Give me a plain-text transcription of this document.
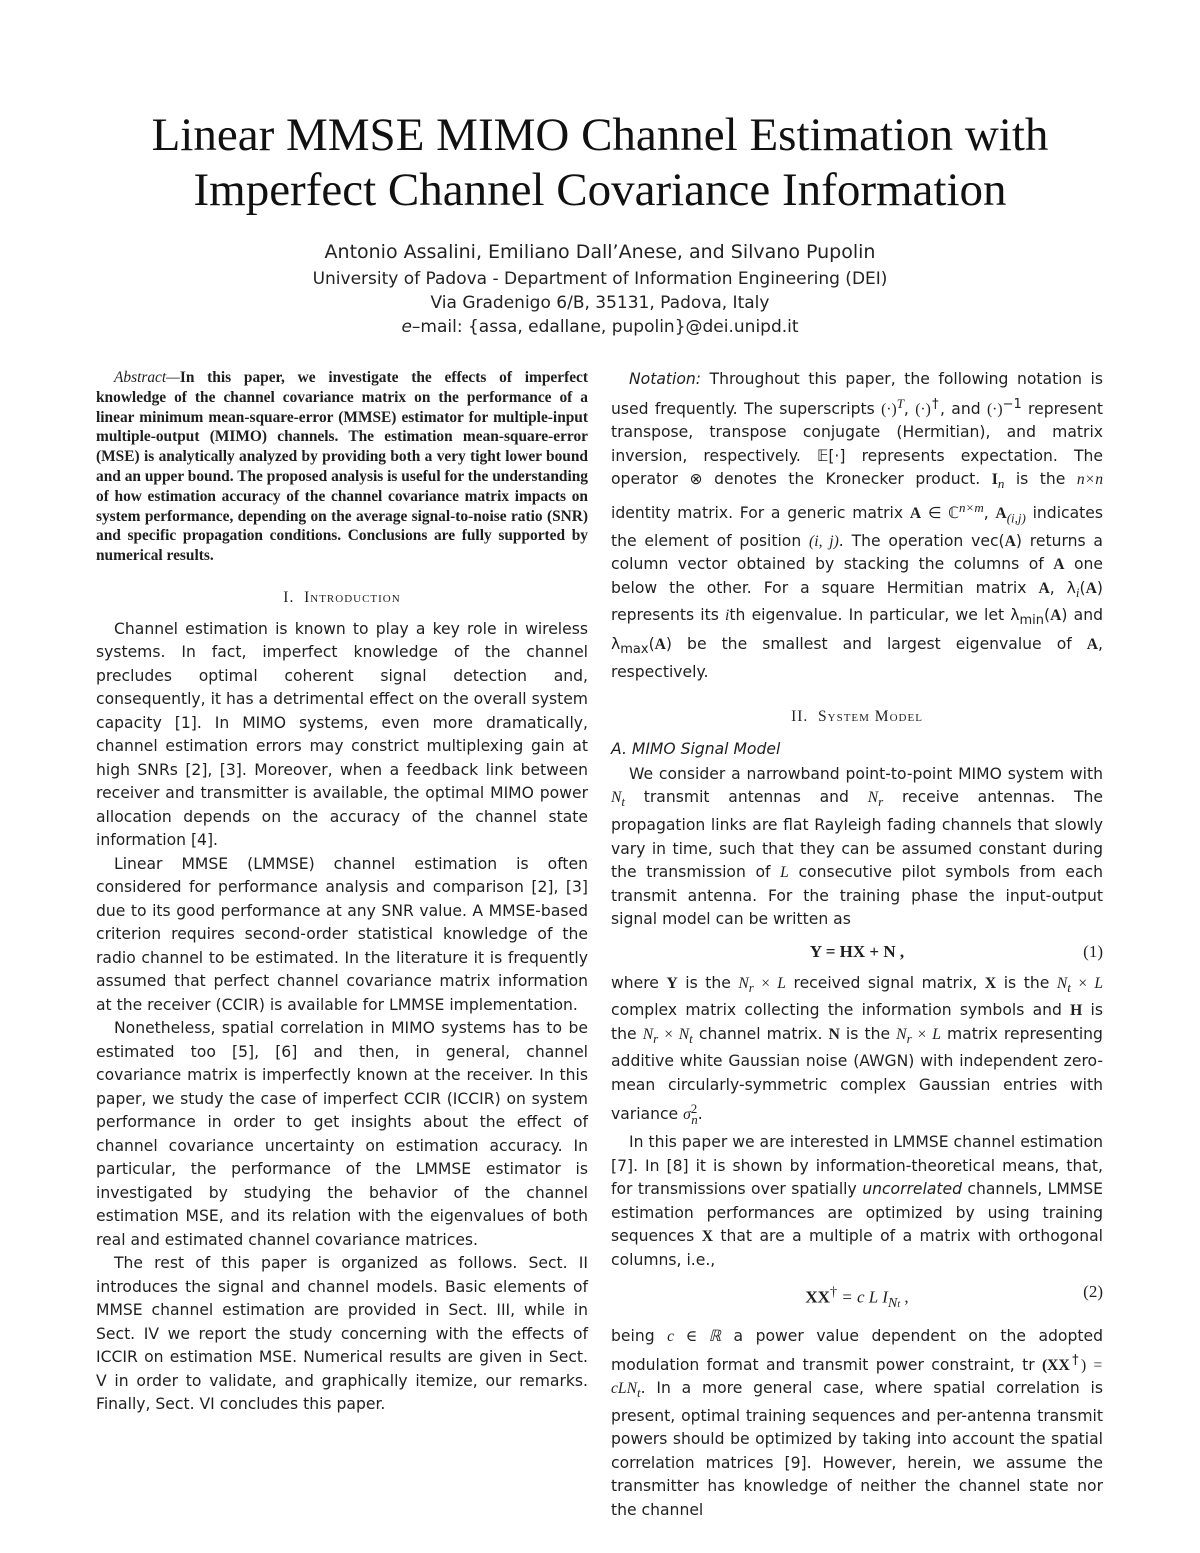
Linear MMSE MIMO Channel Estimation with
Imperfect Channel Covariance Information
Antonio Assalini, Emiliano Dall’Anese, and Silvano Pupolin
University of Padova - Department of Information Engineering (DEI)
Via Gradenigo 6/B, 35131, Padova, Italy
e–mail: {assa, edallane, pupolin}@dei.unipd.it

Abstract—In this paper, we investigate the effects of imperfect knowledge of the channel covariance matrix on the performance of a linear minimum mean-square-error (MMSE) estimator for multiple-input multiple-output (MIMO) channels. The estimation mean-square-error (MSE) is analytically analyzed by providing both a very tight lower bound and an upper bound. The proposed analysis is useful for the understanding of how estimation accuracy of the channel covariance matrix impacts on system performance, depending on the average signal-to-noise ratio (SNR) and specific propagation conditions. Conclusions are fully supported by numerical results.

I. Introduction

Channel estimation is known to play a key role in wireless systems. In fact, imperfect knowledge of the channel precludes optimal coherent signal detection and, consequently, it has a detrimental effect on the overall system capacity [1]. In MIMO systems, even more dramatically, channel estimation errors may constrict multiplexing gain at high SNRs [2], [3]. Moreover, when a feedback link between receiver and transmitter is available, the optimal MIMO power allocation depends on the accuracy of the channel state information [4].

Linear MMSE (LMMSE) channel estimation is often considered for performance analysis and comparison [2], [3] due to its good performance at any SNR value. A MMSE-based criterion requires second-order statistical knowledge of the radio channel to be estimated. In the literature it is frequently assumed that perfect channel covariance matrix information at the receiver (CCIR) is available for LMMSE implementation.

Nonetheless, spatial correlation in MIMO systems has to be estimated too [5], [6] and then, in general, channel covariance matrix is imperfectly known at the receiver. In this paper, we study the case of imperfect CCIR (ICCIR) on system performance in order to get insights about the effect of channel covariance uncertainty on estimation accuracy. In particular, the performance of the LMMSE estimator is investigated by studying the behavior of the channel estimation MSE, and its relation with the eigenvalues of both real and estimated channel covariance matrices.

The rest of this paper is organized as follows. Sect. II introduces the signal and channel models. Basic elements of MMSE channel estimation are provided in Sect. III, while in Sect. IV we report the study concerning with the effects of ICCIR on estimation MSE. Numerical results are given in Sect. V in order to validate, and graphically itemize, our remarks. Finally, Sect. VI concludes this paper.

Notation: Throughout this paper, the following notation is used frequently. The superscripts $(\cdot)^T$, (·)†, and $(\cdot)^{-1}$ represent transpose, transpose conjugate (Hermitian), and matrix inversion, respectively. 𝔼[·] represents expectation. The operator ⊗ denotes the Kronecker product. $I_n$ is the n×n identity matrix. For a generic matrix A ∈ ℂ$^{n\times m}$, $A_{(i,j)}$ indicates the element of position (i, j). The operation vec(A) returns a column vector obtained by stacking the columns of A one below the other. For a square Hermitian matrix A, $\lambda_i(A)$ represents its ith eigenvalue. In particular, we let $\lambda_{min}(A)$ and $\lambda_{max}(A)$ be the smallest and largest eigenvalue of A, respectively.

II. System Model
A. MIMO Signal Model

We consider a narrowband point-to-point MIMO system with $N_t$ transmit antennas and $N_r$ receive antennas. The propagation links are flat Rayleigh fading channels that slowly vary in time, such that they can be assumed constant during the transmission of L consecutive pilot symbols from each transmit antenna. For the training phase the input-output signal model can be written as

Y = HX + N ,	(1)

where Y is the $N_r \times L$ received signal matrix, X is the $N_t \times L$ complex matrix collecting the information symbols and H is the $N_r \times N_t$ channel matrix. N is the $N_r \times L$ matrix representing additive white Gaussian noise (AWGN) with independent zero-mean circularly-symmetric complex Gaussian entries with variance $\sigma^2_n$.

In this paper we are interested in LMMSE channel estimation [7]. In [8] it is shown by information-theoretical means, that, for transmissions over spatially uncorrelated channels, LMMSE estimation performances are optimized by using training sequences X that are a multiple of a matrix with orthogonal columns, i.e.,

XX† = c L $I_{Nt}$ ,	(2)

being c ∈ ℝ a power value dependent on the adopted modulation format and transmit power constraint, tr (XX†) = cLN$_t$. In a more general case, where spatial correlation is present, optimal training sequences and per-antenna transmit powers should be optimized by taking into account the spatial correlation matrices [9]. However, herein, we assume the transmitter has knowledge of neither the channel state nor the channel
